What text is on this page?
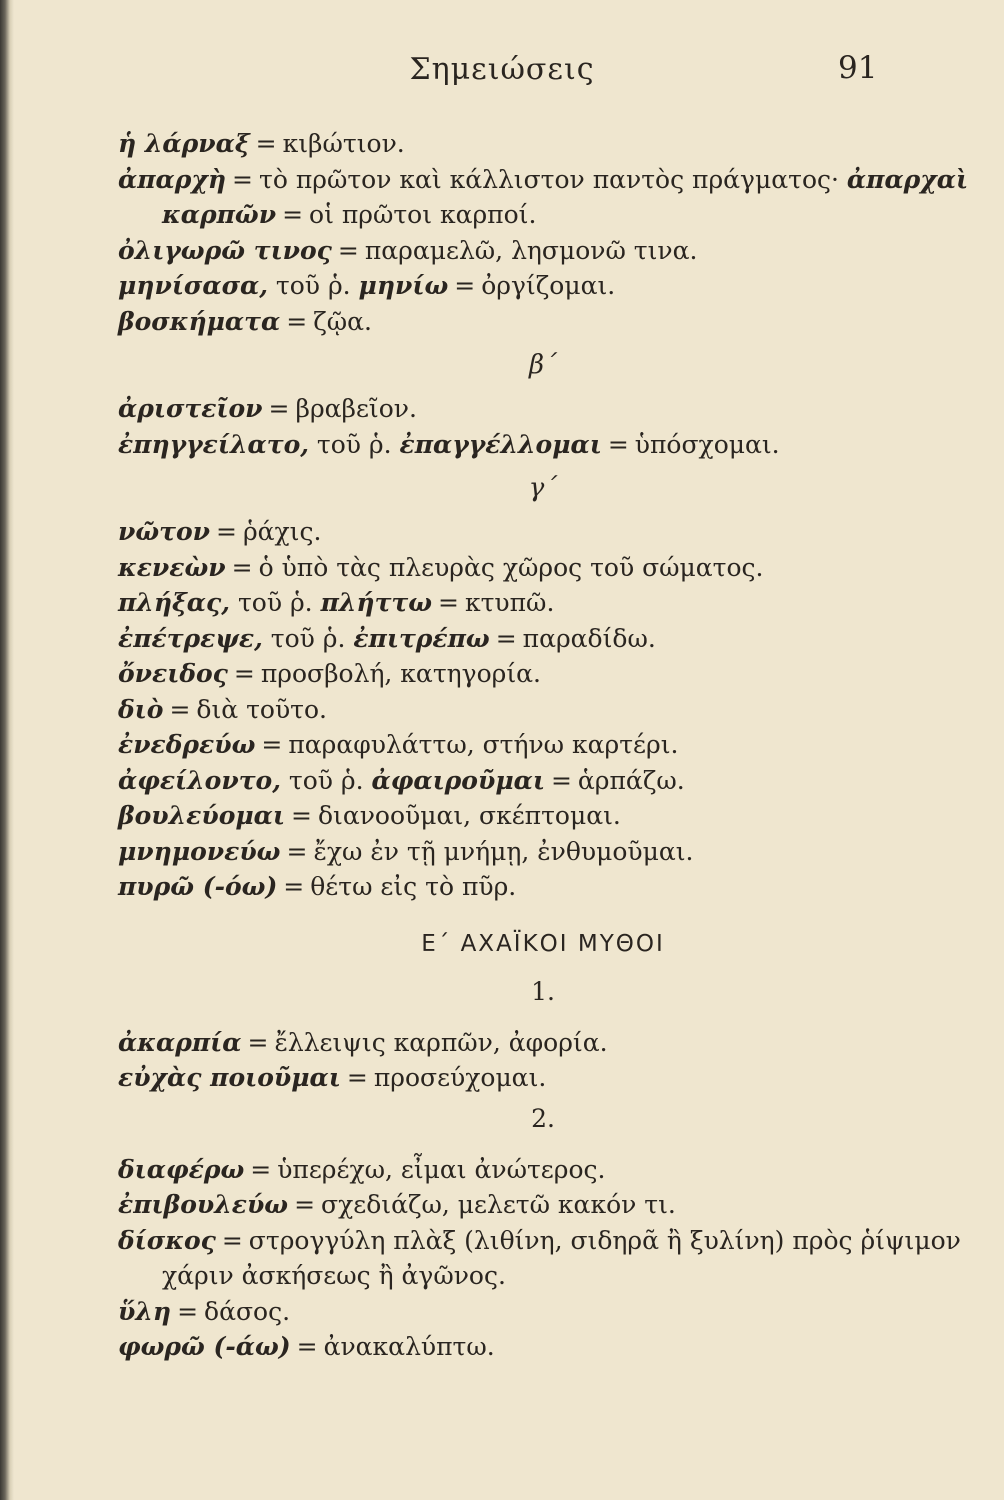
Σημειώσεις	91
ἡ λάρναξ = κιβώτιον.
ἀπαρχὴ = τὸ πρῶτον καὶ κάλλιστον παντὸς πράγματος· ἀπαρχαὶ
καρπῶν = οἱ πρῶτοι καρποί.
ὀλιγωρῶ τινος = παραμελῶ, λησμονῶ τινα.
μηνίσασα, τοῦ ῥ. μηνίω = ὀργίζομαι.
βοσκήματα = ζῷα.
β΄
ἀριστεῖον = βραβεῖον.
ἐπηγγείλατο, τοῦ ῥ. ἐπαγγέλλομαι = ὑπόσχομαι.
γ΄
νῶτον = ῥάχις.
κενεὼν = ὁ ὑπὸ τὰς πλευρὰς χῶρος τοῦ σώματος.
πλήξας, τοῦ ῥ. πλήττω = κτυπῶ.
ἐπέτρεψε, τοῦ ῥ. ἐπιτρέπω = παραδίδω.
ὄνειδος = προσβολή, κατηγορία.
διὸ = διὰ τοῦτο.
ἐνεδρεύω = παραφυλάττω, στήνω καρτέρι.
ἀφείλοντο, τοῦ ῥ. ἀφαιροῦμαι = ἁρπάζω.
βουλεύομαι = διανοοῦμαι, σκέπτομαι.
μνημονεύω = ἔχω ἐν τῇ μνήμῃ, ἐνθυμοῦμαι.
πυρῶ (-όω) = θέτω εἰς τὸ πῦρ.
Ε΄ ΑΧΑΪΚΟΙ ΜΥΘΟΙ
1.
ἀκαρπία = ἔλλειψις καρπῶν, ἀφορία.
εὐχὰς ποιοῦμαι = προσεύχομαι.
2.
διαφέρω = ὑπερέχω, εἶμαι ἀνώτερος.
ἐπιβουλεύω = σχεδιάζω, μελετῶ κακόν τι.
δίσκος = στρογγύλη πλὰξ (λιθίνη, σιδηρᾶ ἢ ξυλίνη) πρὸς ῥίψιμον
χάριν ἀσκήσεως ἢ ἀγῶνος.
ὕλη = δάσος.
φωρῶ (-άω) = ἀνακαλύπτω.
